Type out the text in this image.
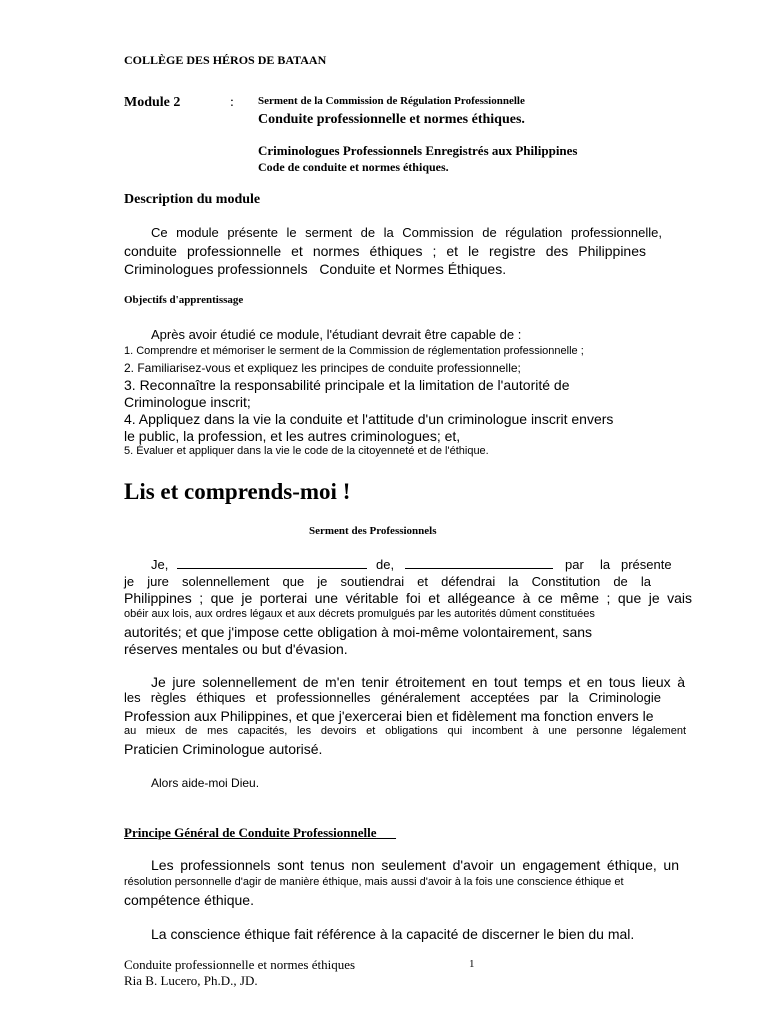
COLLÈGE DES HÉROS DE BATAAN
Module 2	: Serment de la Commission de Régulation Professionnelle
Conduite professionnelle et normes éthiques.
Criminologues Professionnels Enregistrés aux Philippines
Code de conduite et normes éthiques.
Description du module
Ce module présente le serment de la Commission de régulation professionnelle,
conduite professionnelle et normes éthiques ; et le registre des Philippines
Criminologues professionnels   Conduite et Normes Éthiques.
Objectifs d'apprentissage
Après avoir étudié ce module, l'étudiant devrait être capable de :
1. Comprendre et mémoriser le serment de la Commission de réglementation professionnelle ;
2. Familiarisez-vous et expliquez les principes de conduite professionnelle;
3. Reconnaître la responsabilité principale et la limitation de l'autorité de
Criminologue inscrit;
4. Appliquez dans la vie la conduite et l'attitude d'un criminologue inscrit envers
le public, la profession, et les autres criminologues; et,
5. Évaluer et appliquer dans la vie le code de la citoyenneté et de l'éthique.
Lis et comprends-moi !
Serment des Professionnels
Je,	de,	par la présente
je jure solennellement que je soutiendrai et défendrai la Constitution de la
Philippines ; que je porterai une véritable foi et allégeance à ce même ; que je vais
obéir aux lois, aux ordres légaux et aux décrets promulgués par les autorités dûment constituées
autorités; et que j'impose cette obligation à moi-même volontairement, sans
réserves mentales ou but d'évasion.
Je jure solennellement de m'en tenir étroitement en tout temps et en tous lieux à
les règles éthiques et professionnelles généralement acceptées par la Criminologie
Profession aux Philippines, et que j'exercerai bien et fidèlement ma fonction envers le
au mieux de mes capacités, les devoirs et obligations qui incombent à une personne légalement
Praticien Criminologue autorisé.
Alors aide-moi Dieu.
Principe Général de Conduite Professionnelle
Les professionnels sont tenus non seulement d'avoir un engagement éthique, un
résolution personnelle d'agir de manière éthique, mais aussi d'avoir à la fois une conscience éthique et
compétence éthique.
La conscience éthique fait référence à la capacité de discerner le bien du mal.
Conduite professionnelle et normes éthiques
Ria B. Lucero, Ph.D., JD.
1
